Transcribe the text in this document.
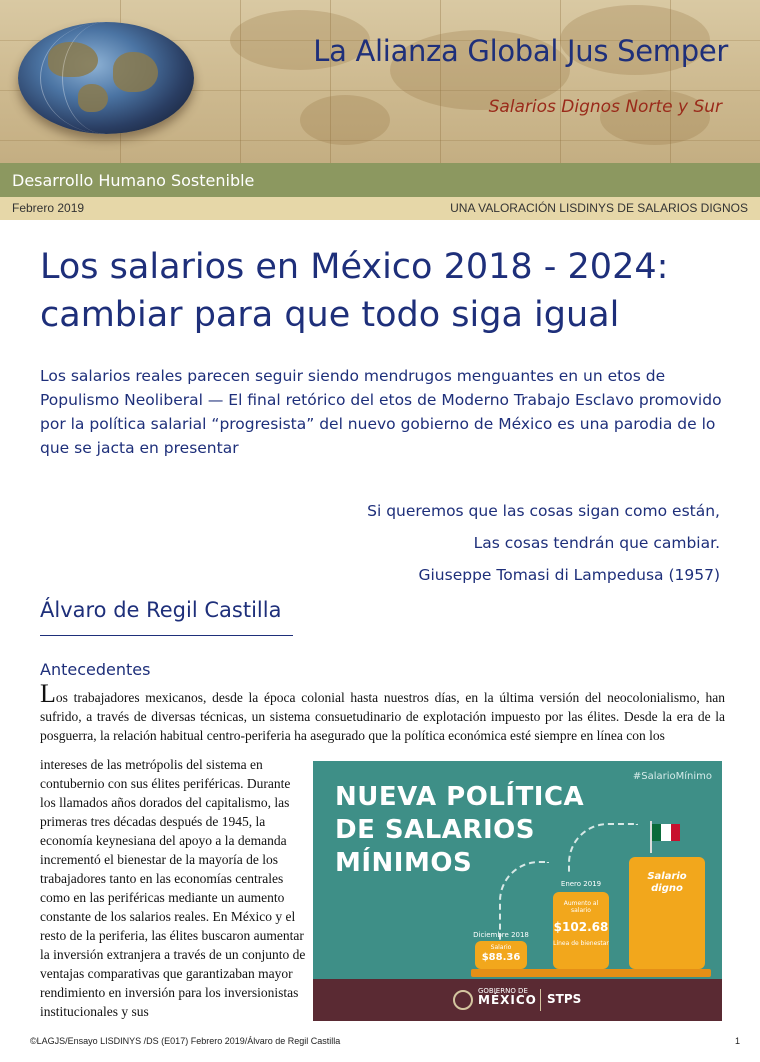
La Alianza Global Jus Semper
Salarios Dignos Norte y Sur
Desarrollo Humano Sostenible
Febrero 2019	UNA VALORACIÓN LISDINYS DE SALARIOS DIGNOS
Los salarios en México 2018 - 2024:
cambiar para que todo siga igual

Los salarios reales parecen seguir siendo mendrugos menguantes en un etos de Populismo Neoliberal — El final retórico del etos de Moderno Trabajo Esclavo promovido por la política salarial “progresista” del nuevo gobierno de México es una parodia de lo que se jacta en presentar

Si queremos que las cosas sigan como están,
Las cosas tendrán que cambiar.
Giuseppe Tomasi di Lampedusa (1957)
Álvaro de Regil Castilla
Antecedentes

Los trabajadores mexicanos, desde la época colonial hasta nuestros días, en la última versión del neocolonialismo, han sufrido, a través de diversas técnicas, un sistema consuetudinario de explotación impuesto por las élites. Desde la era de la posguerra, la relación habitual centro-periferia ha asegurado que la política económica esté siempre en línea con los

intereses de las metrópolis del sistema en contubernio con sus élites periféricas. Durante los llamados años dorados del capitalismo, las primeras tres décadas después de 1945, la economía keynesiana del apoyo a la demanda incrementó el bienestar de la mayoría de los trabajadores tanto en las economías centrales como en las periféricas mediante un aumento constante de los salarios reales. En México y el resto de la periferia, las élites buscaron aumentar la inversión extranjera a través de un conjunto de ventajas comparativas que garantizaban mayor rendimiento en inversión para los inversionistas institucionales y sus

#SalarioMínimo
NUEVA POLÍTICA
DE SALARIOS
MÍNIMOS
Diciembre 2018
Salario
$88.36
Enero 2019
Aumento al salario
$102.68
Línea de bienestar
Salario
digno
GOBIERNO DE
MÉXICO STPS
©LAGJS/Ensayo LISDINYS /DS (E017) Febrero 2019/Álvaro de Regil Castilla	1
